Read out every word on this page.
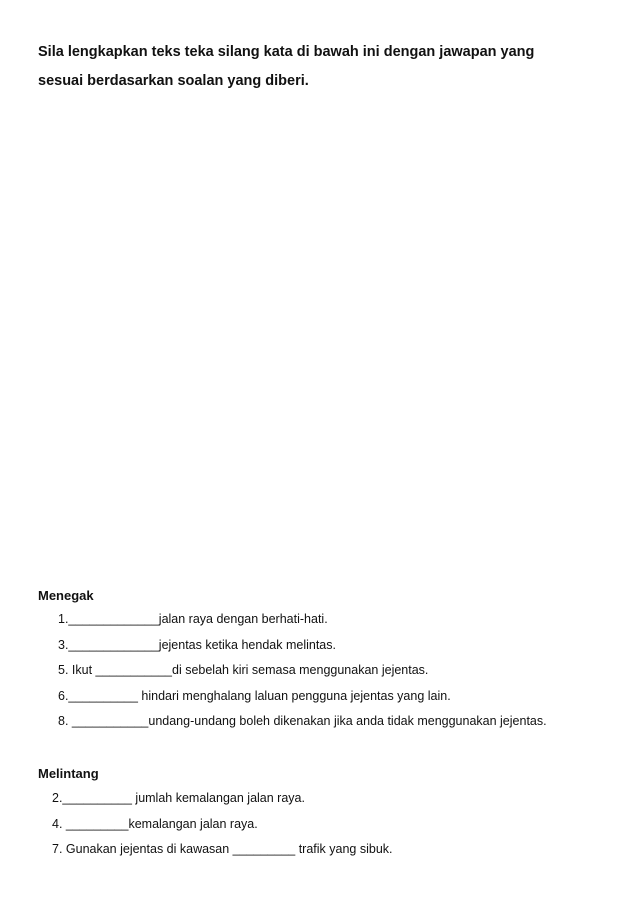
Sila lengkapkan teks teka silang kata di bawah ini dengan jawapan yang
sesuai berdasarkan soalan yang diberi.
Menegak
1._____________jalan raya dengan berhati-hati.
3._____________jejentas ketika hendak melintas.
5. Ikut ___________di sebelah kiri semasa menggunakan jejentas.
6.__________ hindari menghalang laluan pengguna jejentas yang lain.
8. ___________undang-undang boleh dikenakan jika anda tidak menggunakan jejentas.
Melintang
2.__________ jumlah kemalangan jalan raya.
4. _________kemalangan jalan raya.
7. Gunakan jejentas di kawasan _________ trafik yang sibuk.
